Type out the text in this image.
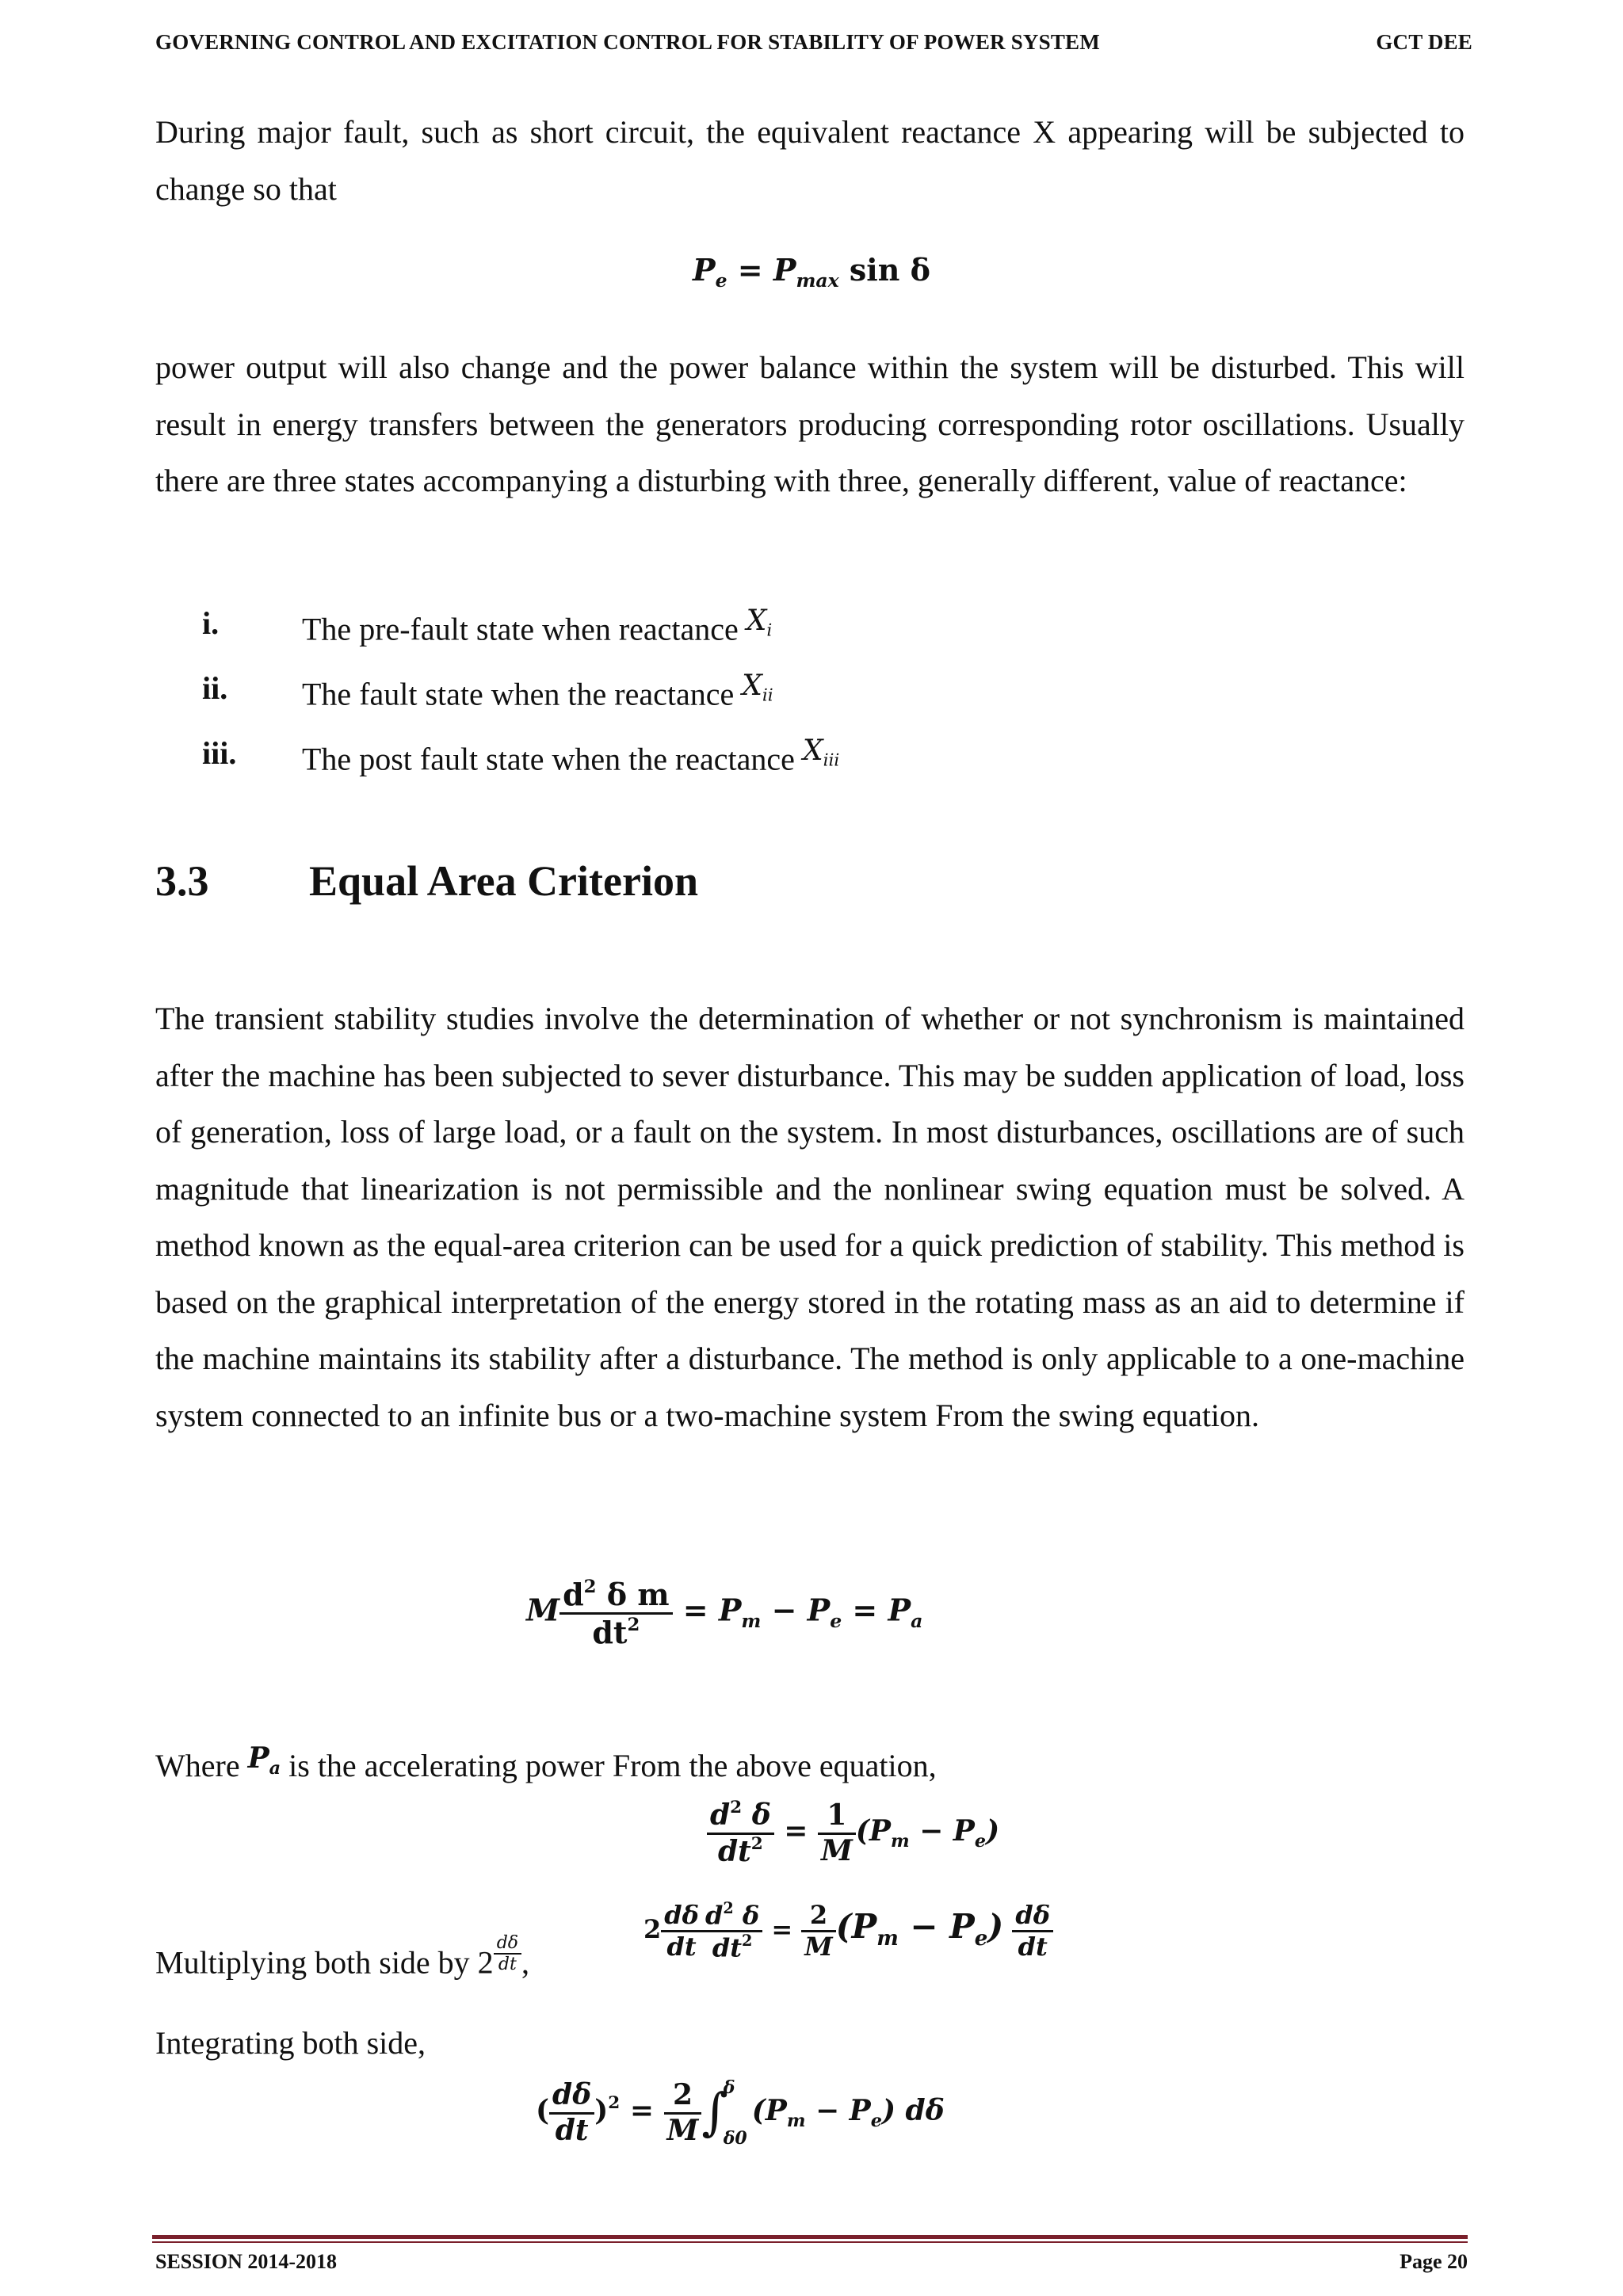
GOVERNING CONTROL AND EXCITATION CONTROL FOR STABILITY OF POWER SYSTEM	GCT DEE

During major fault, such as short circuit, the equivalent reactance X appearing will be subjected to change so that

$P_e = P_{max}$ sin δ

power output will also change and the power balance within the system will be disturbed. This will result in energy transfers between the generators producing corresponding rotor oscillations. Usually there are three states accompanying a disturbing with three, generally different, value of reactance:

i.	The pre-fault state when reactance $X_i$
ii. The fault state when the reactance $X_{ii}$
iii. The post fault state when the reactance $X_{iii}$
3.3 Equal Area Criterion

The transient stability studies involve the determination of whether or not synchronism is maintained after the machine has been subjected to sever disturbance. This may be sudden application of load, loss of generation, loss of large load, or a fault on the system. In most disturbances, oscillations are of such magnitude that linearization is not permissible and the nonlinear swing equation must be solved. A method known as the equal-area criterion can be used for a quick prediction of stability. This method is based on the graphical interpretation of the energy stored in the rotating mass as an aid to determine if the machine maintains its stability after a disturbance. The method is only applicable to a one-machine system connected to an infinite bus or a two-machine system From the swing equation.

M $\frac{d^2 \delta m}{dt^2} = P_m - P_e = P_a$
Where $P_a$ is the accelerating power From the above equation,
$\frac{d^2 \delta}{dt^2} = \frac{1}{M} (P_m - P_e)$
Multiplying both side by $2 \frac{d\delta}{dt}$ ,
$2 \frac{d\delta}{dt} \frac{d^2 \delta}{dt^2} = \frac{2}{M} (P_m - P_e) \frac{d\delta}{dt}$
Integrating both side,
( $\frac{d\delta}{dt} )^2 = \frac{2}{M}$ ∫
δ
δ0
$(P_m - P_e)$ dδ
SESSION 2014-2018	Page 20
